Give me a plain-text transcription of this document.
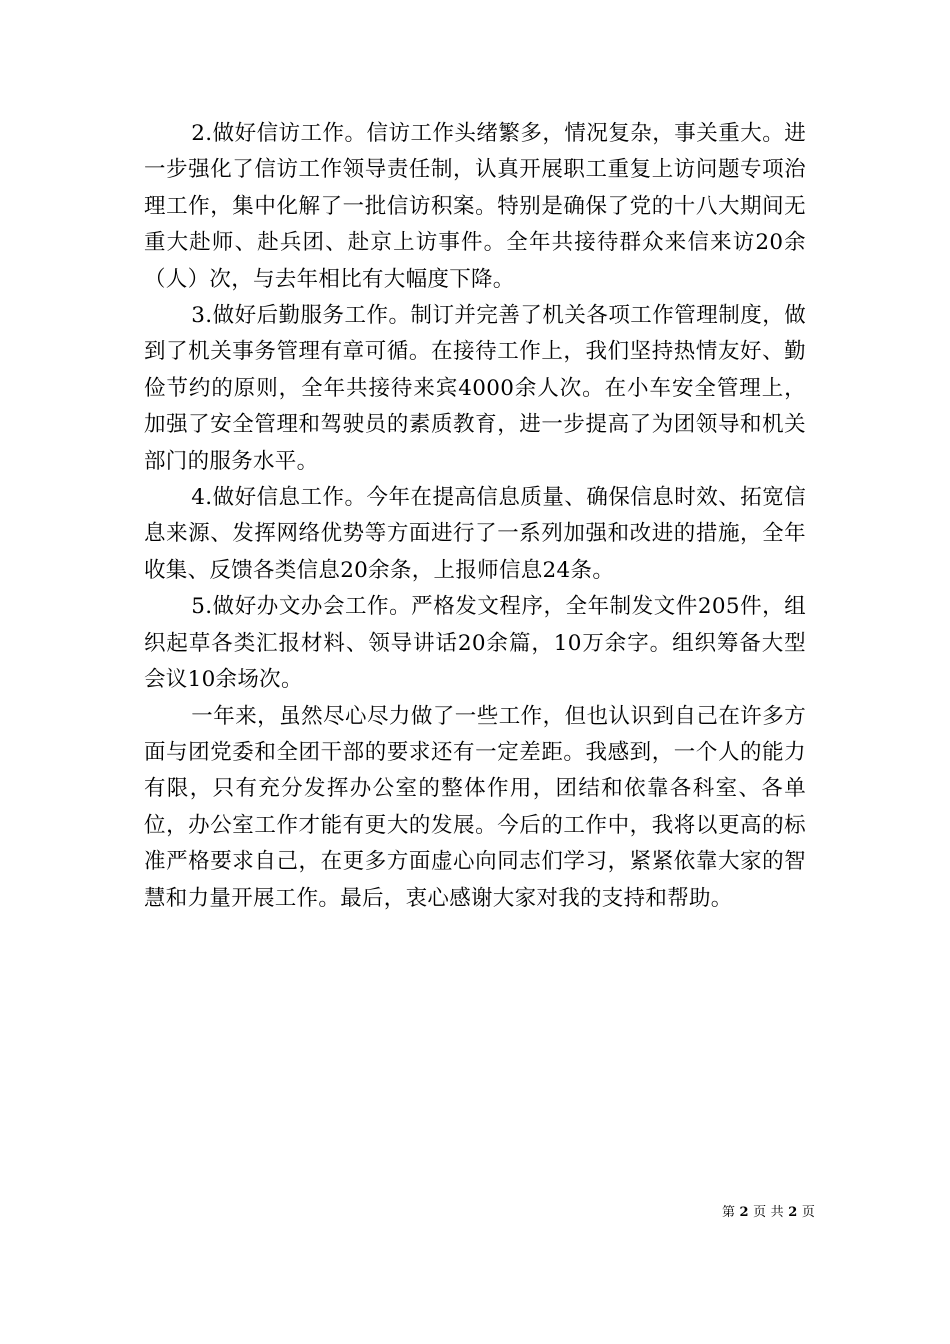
2.做好信访工作。信访工作头绪繁多，情况复杂，事关重大。进一步强化了信访工作领导责任制，认真开展职工重复上访问题专项治理工作，集中化解了一批信访积案。特别是确保了党的十八大期间无重大赴师、赴兵团、赴京上访事件。全年共接待群众来信来访20余（人）次，与去年相比有大幅度下降。

3.做好后勤服务工作。制订并完善了机关各项工作管理制度，做到了机关事务管理有章可循。在接待工作上，我们坚持热情友好、勤俭节约的原则，全年共接待来宾4000余人次。在小车安全管理上，加强了安全管理和驾驶员的素质教育，进一步提高了为团领导和机关部门的服务水平。

4.做好信息工作。今年在提高信息质量、确保信息时效、拓宽信息来源、发挥网络优势等方面进行了一系列加强和改进的措施，全年收集、反馈各类信息20余条，上报师信息24条。

5.做好办文办会工作。严格发文程序，全年制发文件205件，组织起草各类汇报材料、领导讲话20余篇，10万余字。组织筹备大型会议10余场次。

一年来，虽然尽心尽力做了一些工作，但也认识到自己在许多方面与团党委和全团干部的要求还有一定差距。我感到，一个人的能力有限，只有充分发挥办公室的整体作用，团结和依靠各科室、各单位，办公室工作才能有更大的发展。今后的工作中，我将以更高的标准严格要求自己，在更多方面虚心向同志们学习，紧紧依靠大家的智慧和力量开展工作。最后，衷心感谢大家对我的支持和帮助。

第 2 页 共 2 页
